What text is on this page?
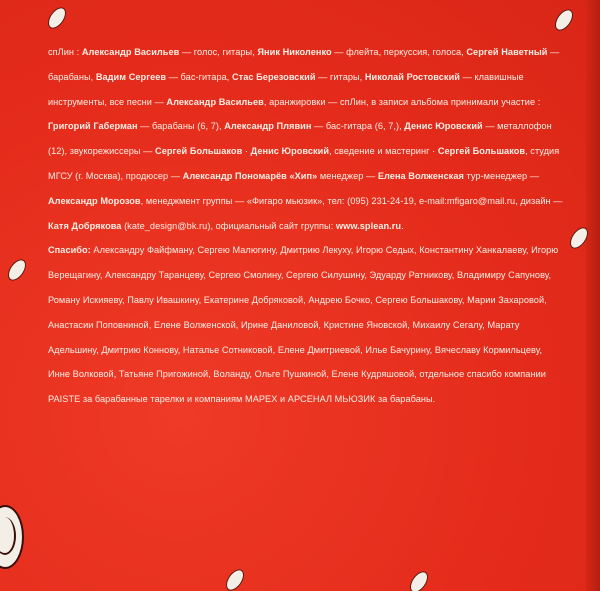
спЛин : Александр Васильев — голос, гитары, Яник Николенко — флейта, перкуссия, голоса, Сергей Наветный — барабаны, Вадим Сергеев — бас-гитара, Стас Березовский — гитары, Николай Ростовский — клавишные инструменты, все песни — Александр Васильев, аранжировки — спЛин, в записи альбома принимали участие : Григорий Габерман — барабаны (6, 7), Александр Плявин — бас-гитара (6, 7,), Денис Юровский — металлофон (12), звукорежиссеры — Сергей Большаков · Денис Юровский, сведение и мастеринг · Сергей Большаков, студия МГСУ (г. Москва), продюсер — Александр Пономарёв «Хип» менеджер — Елена Волженская тур-менеджер — Александр Морозов, менеджмент группы — «Фигаро мьюзик», тел: (095) 231-24-19, e-mail:mfigaro@mail.ru, дизайн — Катя Добрякова (kate_design@bk.ru), официальный сайт группы: www.splean.ru.

Спасибо: Александру Файфману, Сергею Малюгину, Дмитрию Лекуху, Игорю Седых, Константину Ханкалаеву, Игорю Верещагину, Александру Таранцеву, Сергею Смолину, Сергею Силушину, Эдуарду Ратникову, Владимиру Сапунову, Роману Искияеву, Павлу Ивашкину, Екатерине Добряковой, Андрею Бочко, Сергею Большакову, Марии Захаровой, Анастасии Поповниной, Елене Волженской, Ирине Даниловой, Кристине Яновской, Михаилу Сегалу, Марату Адельшину, Дмитрию Коннову, Наталье Сотниковой, Елене Дмитриевой, Илье Бачурину, Вячеславу Кормильцеву, Инне Волковой, Татьяне Пригожиной, Воланду, Ольге Пушкиной, Елене Кудряшовой, отдельное спасибо компании PAISTE за барабанные тарелки и компаниям МАРЕХ и АРСЕНАЛ МЬЮЗИК за барабаны.
